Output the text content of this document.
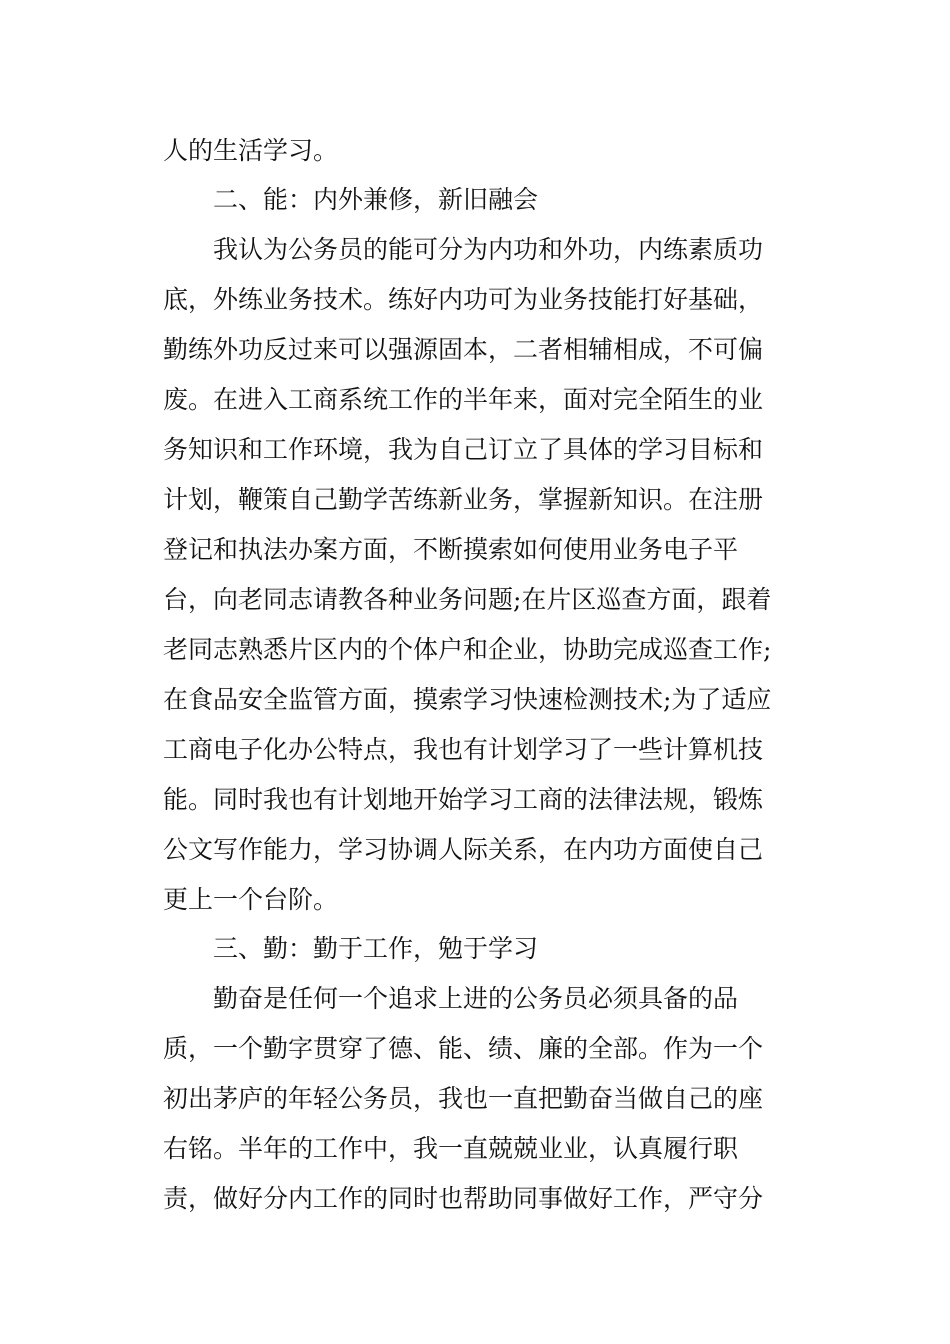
人的生活学习。

二、能：内外兼修，新旧融会

我认为公务员的能可分为内功和外功，内练素质功

底，外练业务技术。练好内功可为业务技能打好基础，

勤练外功反过来可以强源固本，二者相辅相成，不可偏

废。在进入工商系统工作的半年来，面对完全陌生的业

务知识和工作环境，我为自己订立了具体的学习目标和

计划，鞭策自己勤学苦练新业务，掌握新知识。在注册

登记和执法办案方面，不断摸索如何使用业务电子平

台，向老同志请教各种业务问题;在片区巡查方面，跟着

老同志熟悉片区内的个体户和企业，协助完成巡查工作;

在食品安全监管方面，摸索学习快速检测技术;为了适应

工商电子化办公特点，我也有计划学习了一些计算机技

能。同时我也有计划地开始学习工商的法律法规，锻炼

公文写作能力，学习协调人际关系，在内功方面使自己

更上一个台阶。

三、勤：勤于工作，勉于学习

勤奋是任何一个追求上进的公务员必须具备的品

质，一个勤字贯穿了德、能、绩、廉的全部。作为一个

初出茅庐的年轻公务员，我也一直把勤奋当做自己的座

右铭。半年的工作中，我一直兢兢业业，认真履行职

责，做好分内工作的同时也帮助同事做好工作，严守分
